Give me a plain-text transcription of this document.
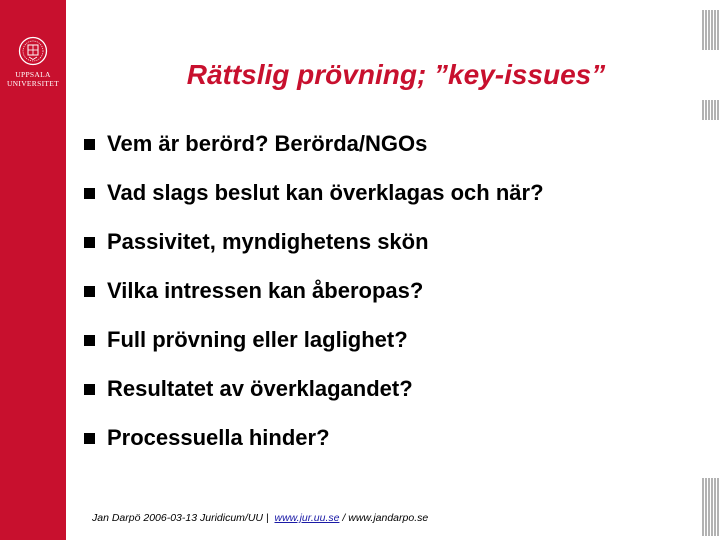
UPPSALA
UNIVERSITET	Rättslig prövning; ”key-issues”
Vem är berörd? Berörda/NGOs
Vad slags beslut kan överklagas och när?
Passivitet, myndighetens skön
Vilka intressen kan åberopas?
Full prövning eller laglighet?
Resultatet av överklagandet?
Processuella hinder?
Jan Darpö 2006-03-13 Juridicum/UU | www.jur.uu.se / www.jandarpo.se
